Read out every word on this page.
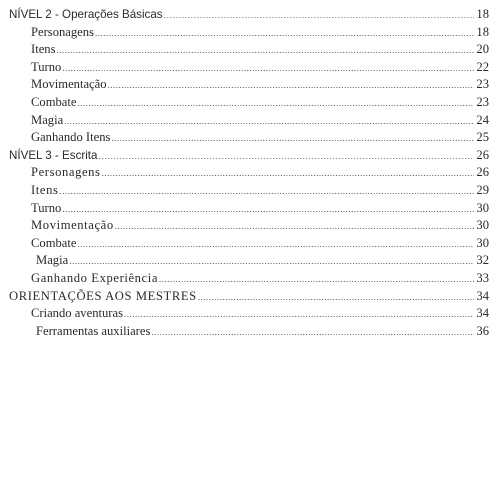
NÍVEL 2 - Operações Básicas .....	18
Personagens .....	18
Itens .....	20
Turno .....	22
Movimentação .....	23
Combate .....	23
Magia .....	24
Ganhando Itens .....	25
NÍVEL 3 - Escrita .....	26
Personagens .....	26
Itens .....	29
Turno .....	30
Movimentação .....	30
Combate .....	30
Magia .....	32
Ganhando Experiência .....	33
ORIENTAÇÕES AOS MESTRES .....	34
Criando aventuras .....	34
Ferramentas auxiliares .....	36
